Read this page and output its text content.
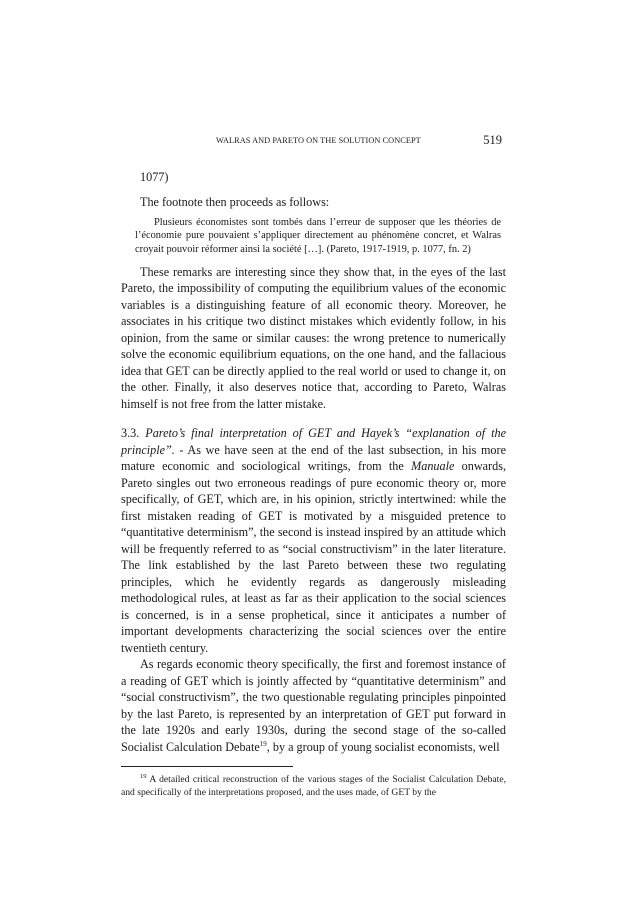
WALRAS AND PARETO ON THE SOLUTION CONCEPT	519

1077)

The footnote then proceeds as follows:

Plusieurs économistes sont tombés dans l’erreur de supposer que les théories de l’économie pure pouvaient s’appliquer directement au phénomène concret, et Walras croyait pouvoir réformer ainsi la société […]. (Pareto, 1917-1919, p. 1077, fn. 2)

These remarks are interesting since they show that, in the eyes of the last Pareto, the impossibility of computing the equilibrium values of the economic variables is a distinguishing feature of all economic theory. Moreover, he associates in his critique two distinct mistakes which evidently follow, in his opinion, from the same or similar causes: the wrong pretence to numerically solve the economic equilibrium equations, on the one hand, and the fallacious idea that GET can be directly applied to the real world or used to change it, on the other. Finally, it also deserves notice that, according to Pareto, Walras himself is not free from the latter mistake.

3.3. Pareto’s final interpretation of GET and Hayek’s “explanation of the principle”. - As we have seen at the end of the last subsection, in his more mature economic and sociological writings, from the Manuale onwards, Pareto singles out two erroneous readings of pure economic theory or, more specifically, of GET, which are, in his opinion, strictly intertwined: while the first mistaken reading of GET is motivated by a misguided pretence to “quantitative determinism”, the second is instead inspired by an attitude which will be frequently referred to as “social constructivism” in the later literature. The link established by the last Pareto between these two regulating principles, which he evidently regards as dangerously misleading methodological rules, at least as far as their application to the social sciences is concerned, is in a sense prophetical, since it anticipates a number of important developments characterizing the social sciences over the entire twentieth century.

As regards economic theory specifically, the first and foremost instance of a reading of GET which is jointly affected by “quantitative determinism” and “social constructivism”, the two questionable regulating principles pinpointed by the last Pareto, is represented by an interpretation of GET put forward in the late 1920s and early 1930s, during the second stage of the so-called Socialist Calculation Debate$^{19}$, by a group of young socialist economists, well

$^{19}$ A detailed critical reconstruction of the various stages of the Socialist Calculation Debate, and specifically of the interpretations proposed, and the uses made, of GET by the
